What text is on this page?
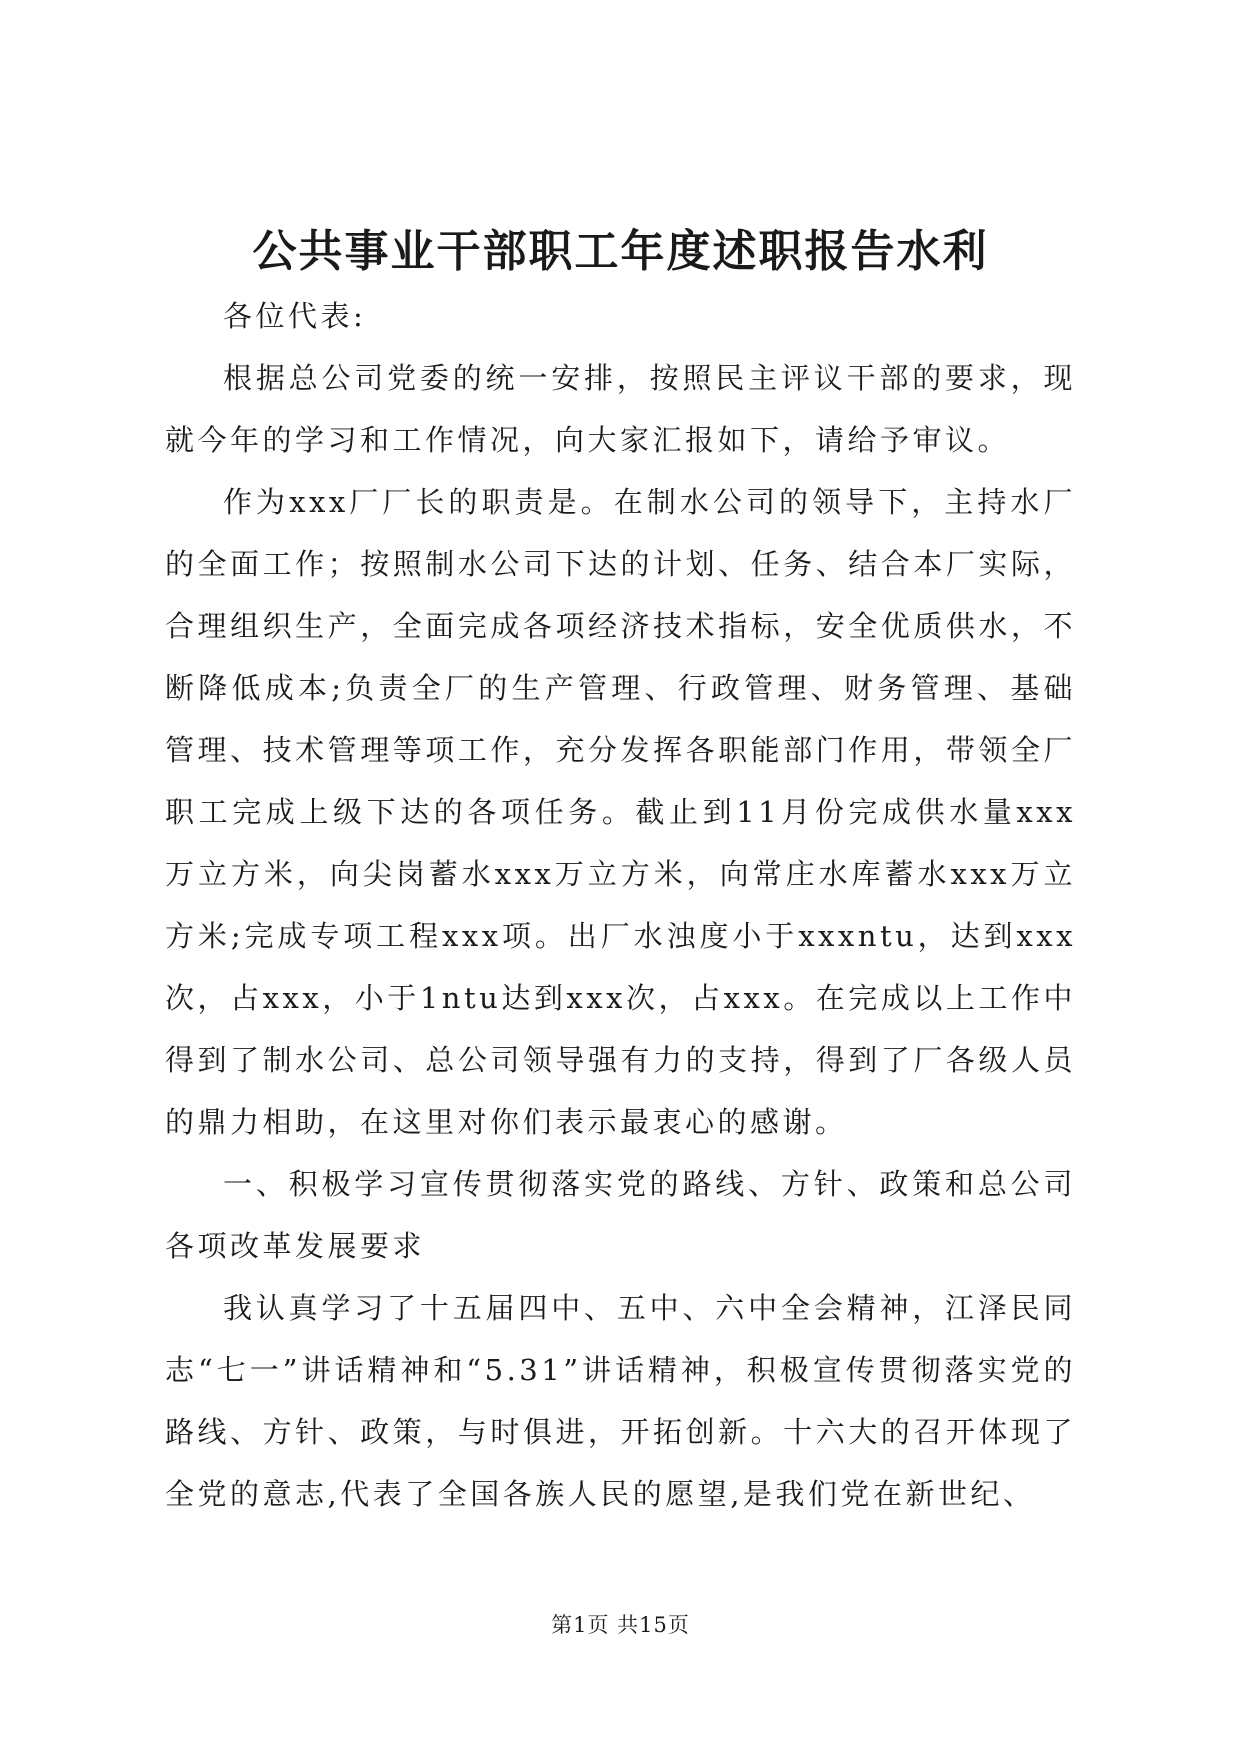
公共事业干部职工年度述职报告水利

各位代表:

根据总公司党委的统一安排，按照民主评议干部的要求，现就今年的学习和工作情况，向大家汇报如下，请给予审议。

作为xxx厂厂长的职责是。在制水公司的领导下，主持水厂的全面工作；按照制水公司下达的计划、任务、结合本厂实际，合理组织生产，全面完成各项经济技术指标，安全优质供水，不断降低成本;负责全厂的生产管理、行政管理、财务管理、基础管理、技术管理等项工作，充分发挥各职能部门作用，带领全厂职工完成上级下达的各项任务。截止到11月份完成供水量xxx万立方米，向尖岗蓄水xxx万立方米，向常庄水库蓄水xxx万立方米;完成专项工程xxx项。出厂水浊度小于xxxntu，达到xxx次，占xxx，小于1ntu达到xxx次，占xxx。在完成以上工作中得到了制水公司、总公司领导强有力的支持，得到了厂各级人员的鼎力相助，在这里对你们表示最衷心的感谢。

一、积极学习宣传贯彻落实党的路线、方针、政策和总公司各项改革发展要求

我认真学习了十五届四中、五中、六中全会精神，江泽民同志“七一”讲话精神和“5.31”讲话精神，积极宣传贯彻落实党的路线、方针、政策，与时俱进，开拓创新。十六大的召开体现了全党的意志,代表了全国各族人民的愿望,是我们党在新世纪、

第1页 共15页
